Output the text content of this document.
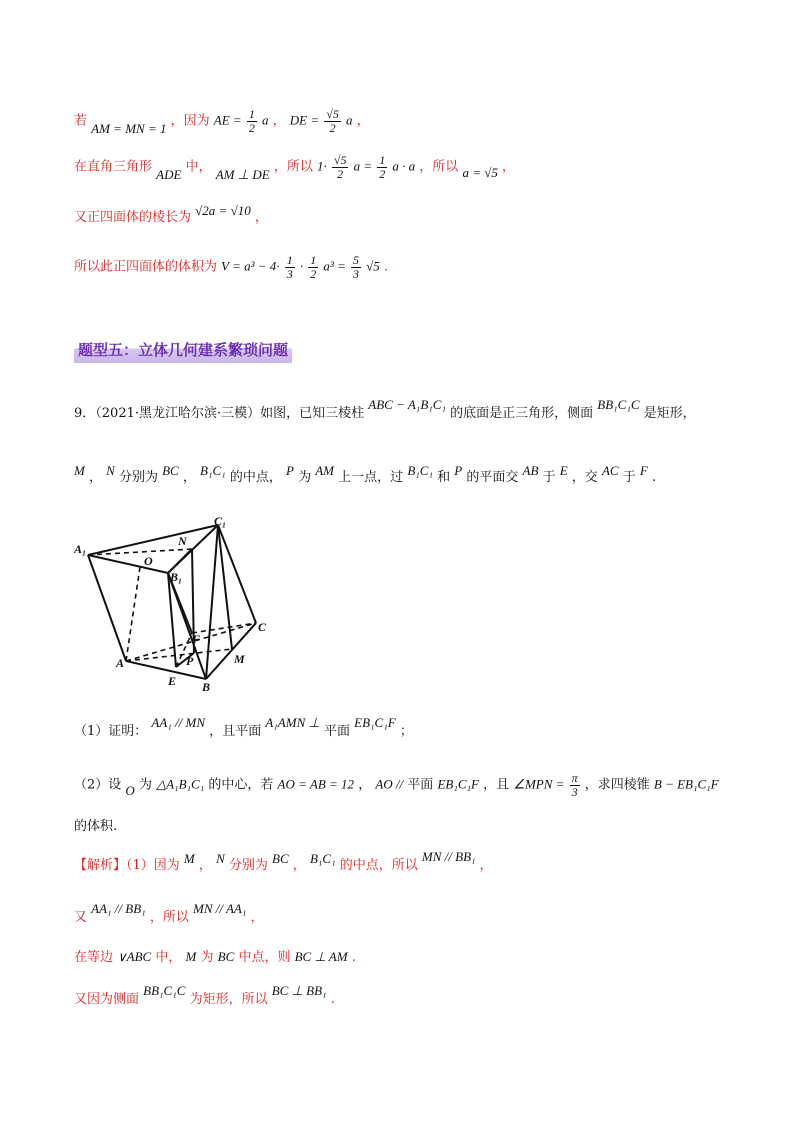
若 AM = MN = 1 ，因为 AE = $\frac{1}{2}$ a ， DE = $\frac{√5}{2}$ a ，
在直角三角形 ADE 中， AM ⊥ DE ，所以 $1\cdot \frac{√5}{2}$ $a = \frac{1}{2}$ a · a ，所以 a = √5 ，
又正四面体的棱长为 √2a = √10 ，
所以此正四面体的体积为 $V = a^3 - 4\cdot \frac{1}{3} \cdot \frac{1}{2} a^3 = \frac{5}{3} √5$ .
题型五：立体几何建系繁琐问题
9．（2021·黑龙江哈尔滨·三模）如图，已知三棱柱 ABC − A₁B₁C₁ 的底面是正三角形，侧面 BB₁C₁C 是矩形，
M ， N 分别为 BC ， B₁C₁ 的中点， P 为 AM 上一点，过 B₁C₁ 和 P 的平面交 AB 于 E ，交 AC 于 F .
A₁
C₁
N
O
B₁
F
C
P	M
A
E B
（1）证明： AA₁ // MN ，且平面 A₁AMN ⊥ 平面 EB₁C₁F ；
（2）设 O 为 △A₁B₁C₁ 的中心，若 AO = AB = 12 ， AO // 平面 EB₁C₁F ，且 ∠MPN = $\frac{\pi}{3}$ ，求四棱锥 B − EB₁C₁F
的体积.
【解析】（1）因为 M ， N 分别为 BC ， B₁C₁ 的中点，所以 MN // BB₁ ，
又 AA₁ // BB₁ ，所以 MN // AA₁ ，
在等边 ∨ABC 中， M 为 BC 中点，则 BC ⊥ AM .
又因为侧面 BB₁C₁C 为矩形，所以 BC ⊥ BB₁ .
